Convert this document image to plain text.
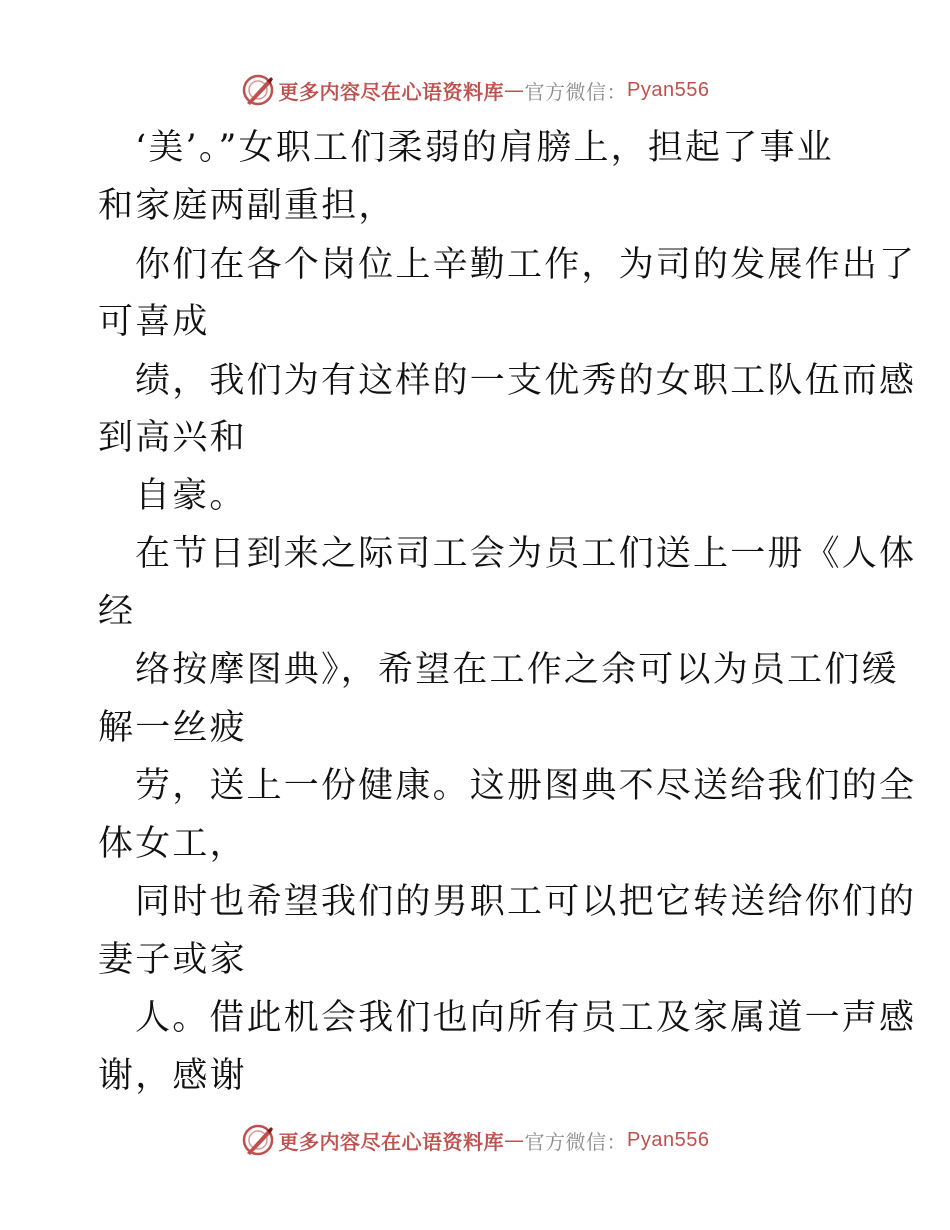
更多内容尽在心语资料库 — 官方微信： Pyan556
‘美’。”女职工们柔弱的肩膀上，担起了事业
和家庭两副重担，
你们在各个岗位上辛勤工作，为司的发展作出了
可喜成
绩，我们为有这样的一支优秀的女职工队伍而感
到高兴和
自豪。
在节日到来之际司工会为员工们送上一册《人体
经
络按摩图典》，希望在工作之余可以为员工们缓
解一丝疲
劳，送上一份健康。这册图典不尽送给我们的全
体女工，
同时也希望我们的男职工可以把它转送给你们的
妻子或家
人。借此机会我们也向所有员工及家属道一声感
谢，感谢
更多内容尽在心语资料库 — 官方微信： Pyan556
